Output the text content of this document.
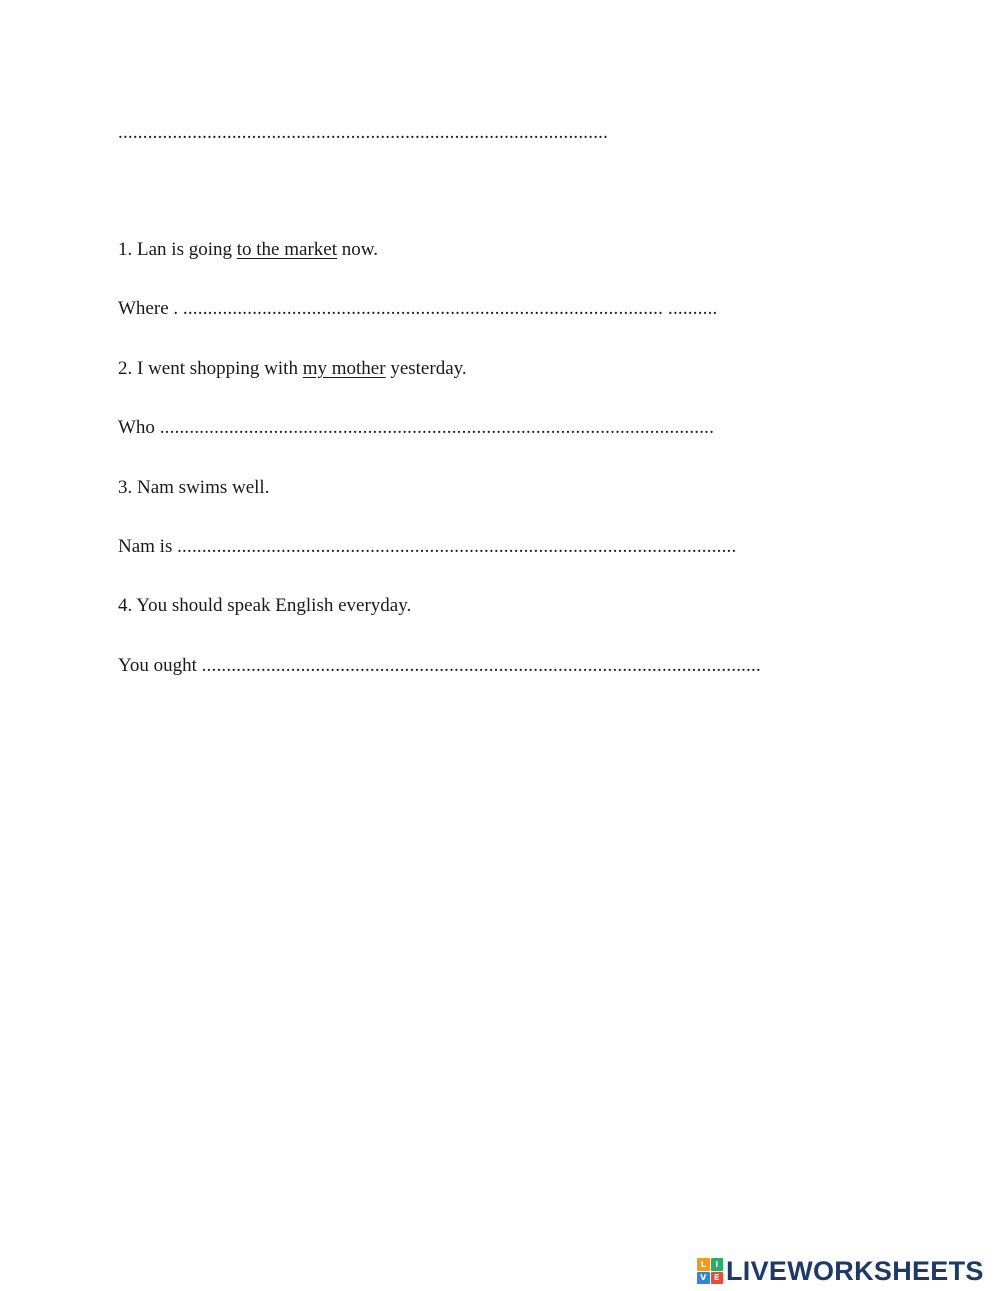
...................................................................................................
1. Lan is going to the market now.
Where . ................................................................................................. ..........
2. I went shopping with my mother yesterday.
Who ................................................................................................................
3. Nam swims well.
Nam is .................................................................................................................
4. You should speak English everyday.
You ought .................................................................................................................
L	I
V E LIVEWORKSHEETS
